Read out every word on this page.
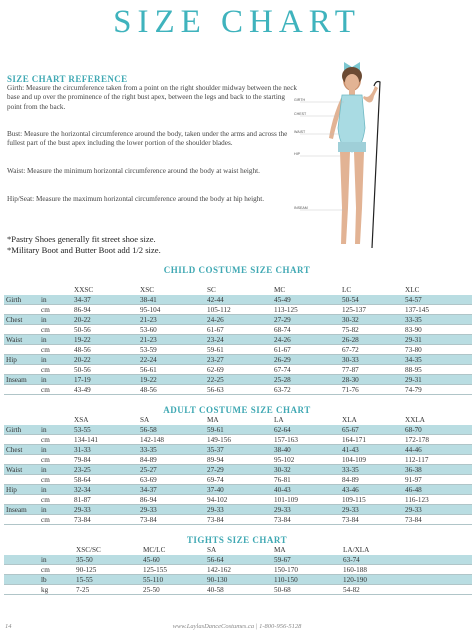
SIZE CHART
SIZE CHART REFERENCE
Girth: Measure the circumference taken from a point on the right shoulder midway between the neck base and up over the prominence of the right bust apex, between the legs and back to the starting point from the back.
Bust: Measure the horizontal circumference around the body, taken under the arms and across the fullest part of the bust apex including the lower portion of the shoulder blades.
Waist: Measure the minimum horizontal circumference around the body at waist height.
Hip/Seat: Measure the maximum horizontal circumference around the body at hip height.
*Pastry Shoes generally fit street shoe size.
*Military Boot and Butter Boot add 1/2 size.
GIRTH
CHEST
WAIST
HIP
INSEAM
CHILD COSTUME SIZE CHART
XXSC	XSC	SC	MC	LC	XLC
Girth	in	34-37	38-41	42-44	45-49	50-54	54-57
cm	86-94	95-104	105-112	113-125	125-137	137-145
Chest	in	20-22	21-23	24-26	27-29	30-32	33-35
cm	50-56	53-60	61-67	68-74	75-82	83-90
Waist	in	19-22	21-23	23-24	24-26	26-28	29-31
cm	48-56	53-59	59-61	61-67	67-72	73-80
Hip	in	20-22	22-24	23-27	26-29	30-33	34-35
cm	50-56	56-61	62-69	67-74	77-87	88-95
Inseam in	17-19	19-22	22-25	25-28	28-30	29-31
cm	43-49	48-56	56-63	63-72	71-76	74-79
ADULT COSTUME SIZE CHART
XSA	SA	MA	LA	XLA	XXLA
Girth	in	53-55	56-58	59-61	62-64	65-67	68-70
cm	134-141	142-148	149-156	157-163	164-171	172-178
Chest	in	31-33	33-35	35-37	38-40	41-43	44-46
cm	79-84	84-89	89-94	95-102	104-109	112-117
Waist	in	23-25	25-27	27-29	30-32	33-35	36-38
cm	58-64	63-69	69-74	76-81	84-89	91-97
Hip	in	32-34	34-37	37-40	40-43	43-46	46-48
cm	81-87	86-94	94-102	101-109	109-115	116-123
Inseam in	29-33	29-33	29-33	29-33	29-33	29-33
cm	73-84	73-84	73-84	73-84	73-84	73-84
TIGHTS SIZE CHART
XSC/SC	MC/LC	SA	MA	LA/XLA
in	35-50	45-60	56-64	59-67	63-74
cm	90-125	125-155	142-162	150-170	160-188
lb	15-55	55-110	90-130	110-150	120-190
kg	7-25	25-50	40-58	50-68	54-82
14	www.LaylasDanceCostumes.ca | 1-800-956-5128
